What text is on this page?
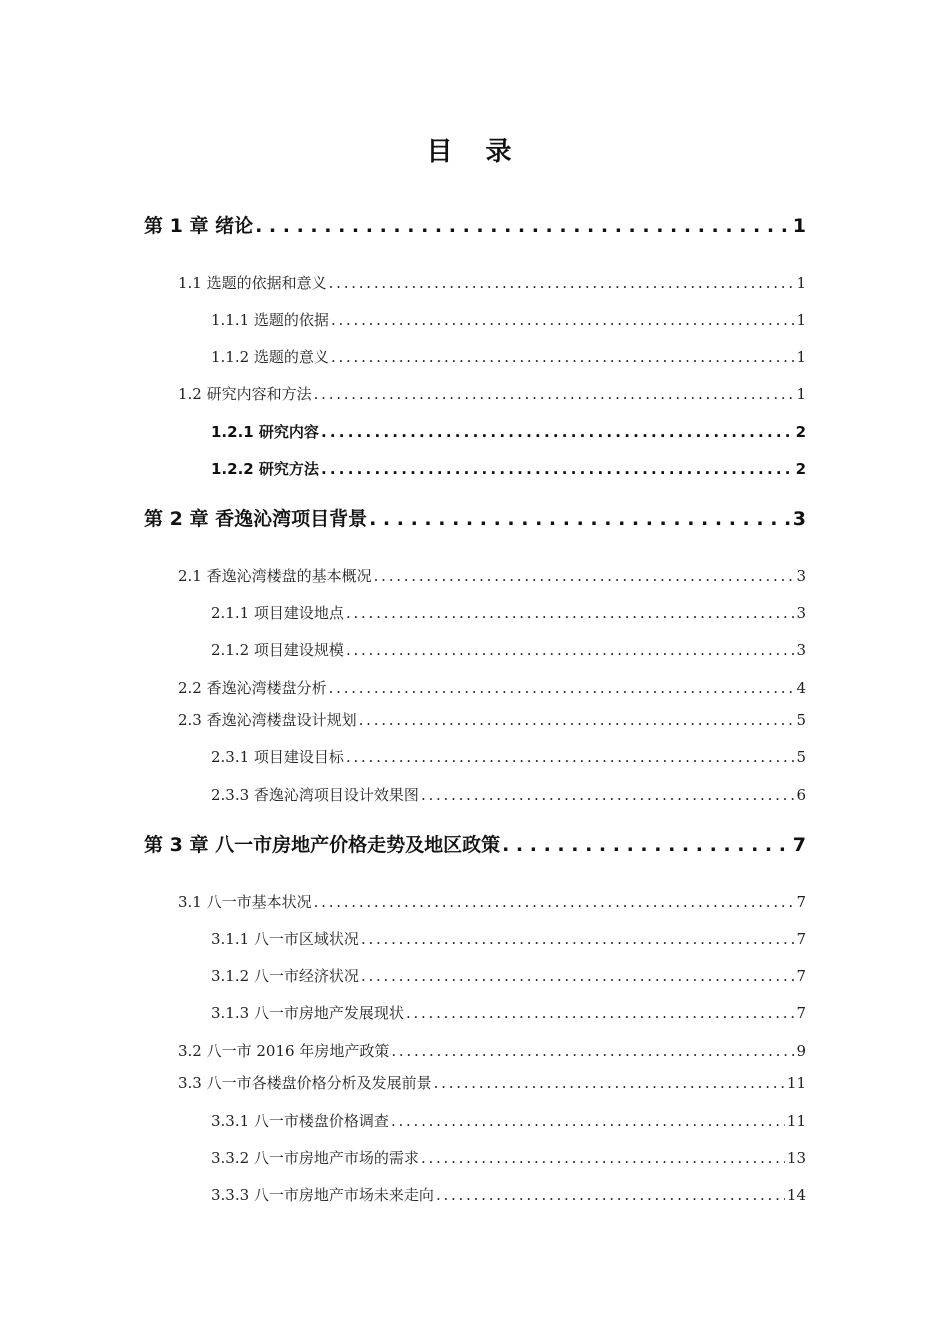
目 录
第 1 章 绪论 . . .	1
1.1 选题的依据和意义 . . .	1
1.1.1 选题的依据 . . .	1
1.1.2 选题的意义 . . .	1
1.2 研究内容和方法 . . .	1
1.2.1 研究内容 . . .	2
1.2.2 研究方法 . . .	2
第 2 章 香逸沁湾项目背景 . . .	3
2.1 香逸沁湾楼盘的基本概况 . . .	3
2.1.1 项目建设地点 . . .	3
2.1.2 项目建设规模 . . .	3
2.2 香逸沁湾楼盘分析 . . .	4
2.3 香逸沁湾楼盘设计规划 . . .	5
2.3.1 项目建设目标 . . .	5
2.3.3 香逸沁湾项目设计效果图 . . .	6
第 3 章 八一市房地产价格走势及地区政策 . . .	7
3.1 八一市基本状况 . . .	7
3.1.1 八一市区域状况 . . .	7
3.1.2 八一市经济状况 . . .	7
3.1.3 八一市房地产发展现状 . . .	7
3.2 八一市 2016 年房地产政策 . . .	9
3.3 八一市各楼盘价格分析及发展前景 . . .	11
3.3.1 八一市楼盘价格调查 . . .	11
3.3.2 八一市房地产市场的需求 . . .	13
3.3.3 八一市房地产市场未来走向 . . .	14
